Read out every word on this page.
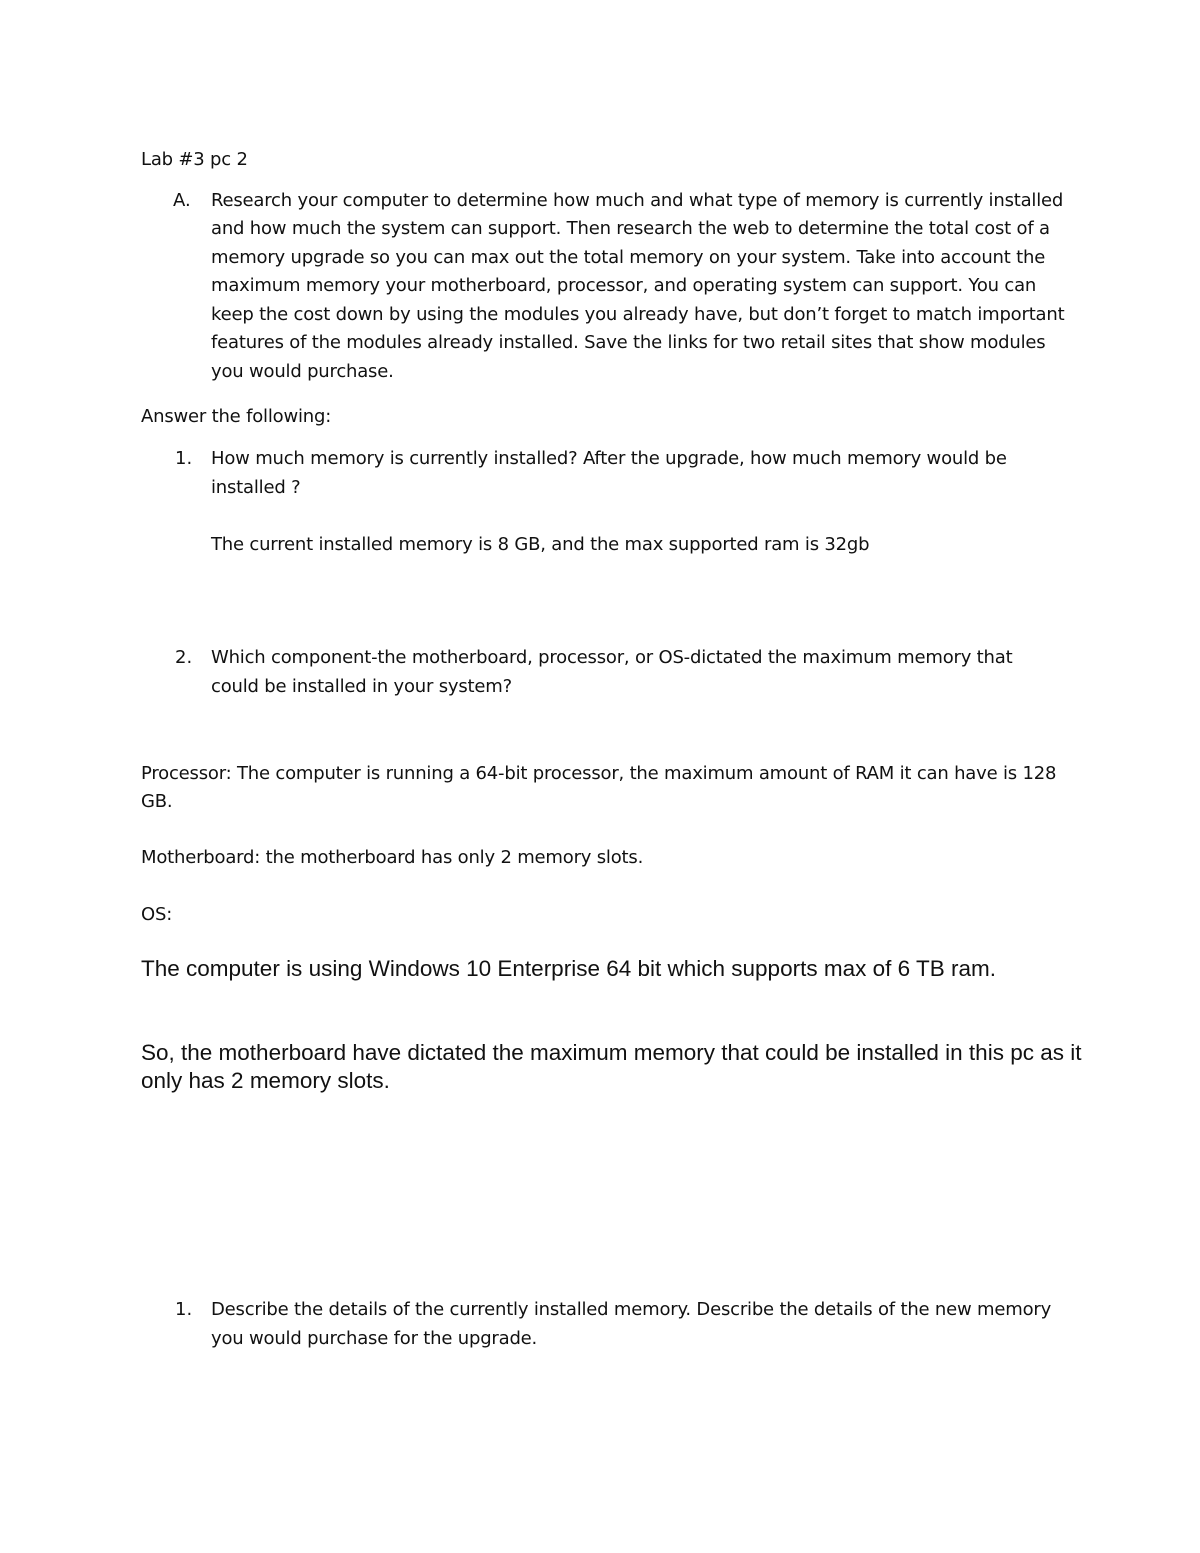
Lab #3 pc 2
A. Research your computer to determine how much and what type of memory is currently installed
and how much the system can support. Then research the web to determine the total cost of a
memory upgrade so you can max out the total memory on your system. Take into account the
maximum memory your motherboard, processor, and operating system can support. You can
keep the cost down by using the modules you already have, but don’t forget to match important
features of the modules already installed. Save the links for two retail sites that show modules
you would purchase.
Answer the following:
1. How much memory is currently installed? After the upgrade, how much memory would be
installed ?
The current installed memory is 8 GB, and the max supported ram is 32gb
2. Which component-the motherboard, processor, or OS-dictated the maximum memory that
could be installed in your system?
Processor: The computer is running a 64-bit processor, the maximum amount of RAM it can have is 128
GB.
Motherboard: the motherboard has only 2 memory slots.
OS:
The computer is using Windows 10 Enterprise 64 bit which supports max of 6 TB ram.
So, the motherboard have dictated the maximum memory that could be installed in this pc as it
only has 2 memory slots.
1. Describe the details of the currently installed memory. Describe the details of the new memory
you would purchase for the upgrade.
